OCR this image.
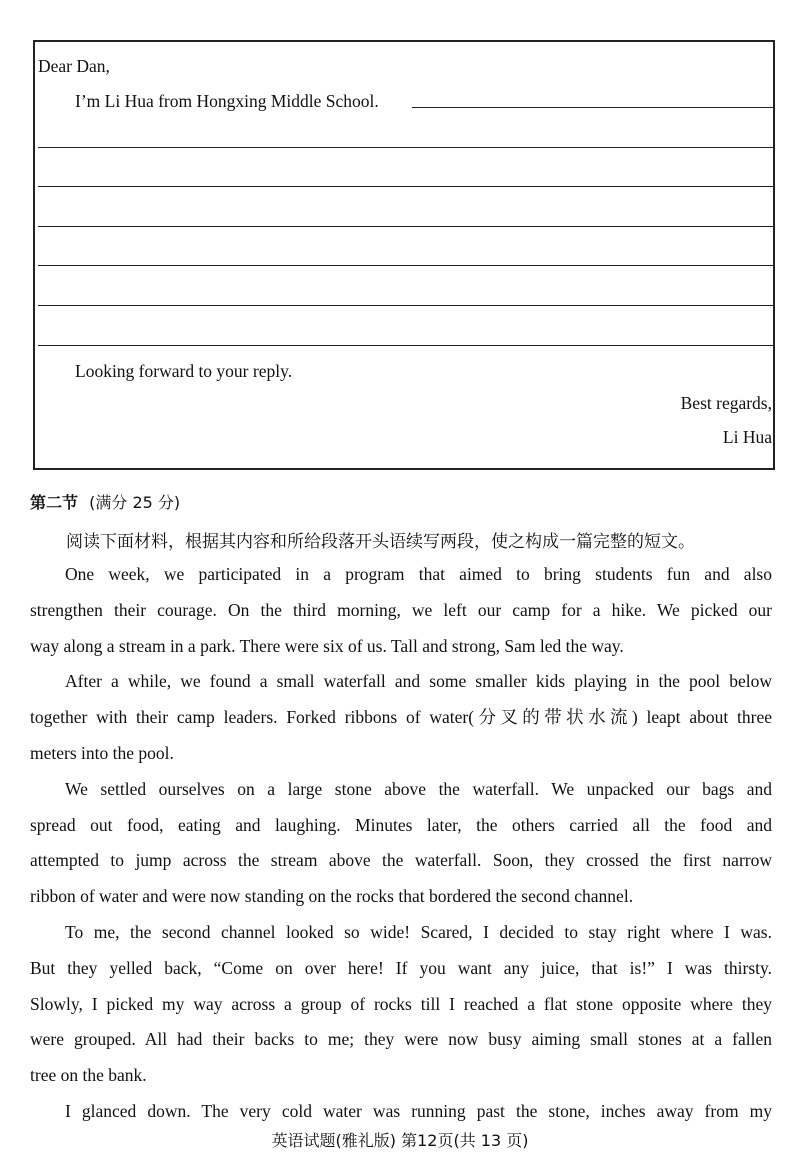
Dear Dan,
I’m Li Hua from Hongxing Middle School.
Looking forward to your reply.
Best regards,
Li Hua
第二节 (满分 25 分)
阅读下面材料，根据其内容和所给段落开头语续写两段，使之构成一篇完整的短文。
One week, we participated in a program that aimed to bring students fun and also
strengthen their courage. On the third morning, we left our camp for a hike. We picked our
way along a stream in a park. There were six of us. Tall and strong, Sam led the way.
After a while, we found a small waterfall and some smaller kids playing in the pool below
together with their camp leaders. Forked ribbons of water(分叉的带状水流) leapt about three
meters into the pool.
We settled ourselves on a large stone above the waterfall. We unpacked our bags and
spread out food, eating and laughing. Minutes later, the others carried all the food and
attempted to jump across the stream above the waterfall. Soon, they crossed the first narrow
ribbon of water and were now standing on the rocks that bordered the second channel.
To me, the second channel looked so wide! Scared, I decided to stay right where I was.
But they yelled back, “Come on over here! If you want any juice, that is!” I was thirsty.
Slowly, I picked my way across a group of rocks till I reached a flat stone opposite where they
were grouped. All had their backs to me; they were now busy aiming small stones at a fallen
tree on the bank.
I glanced down. The very cold water was running past the stone, inches away from my
英语试题(雅礼版) 第12页(共 13 页)
